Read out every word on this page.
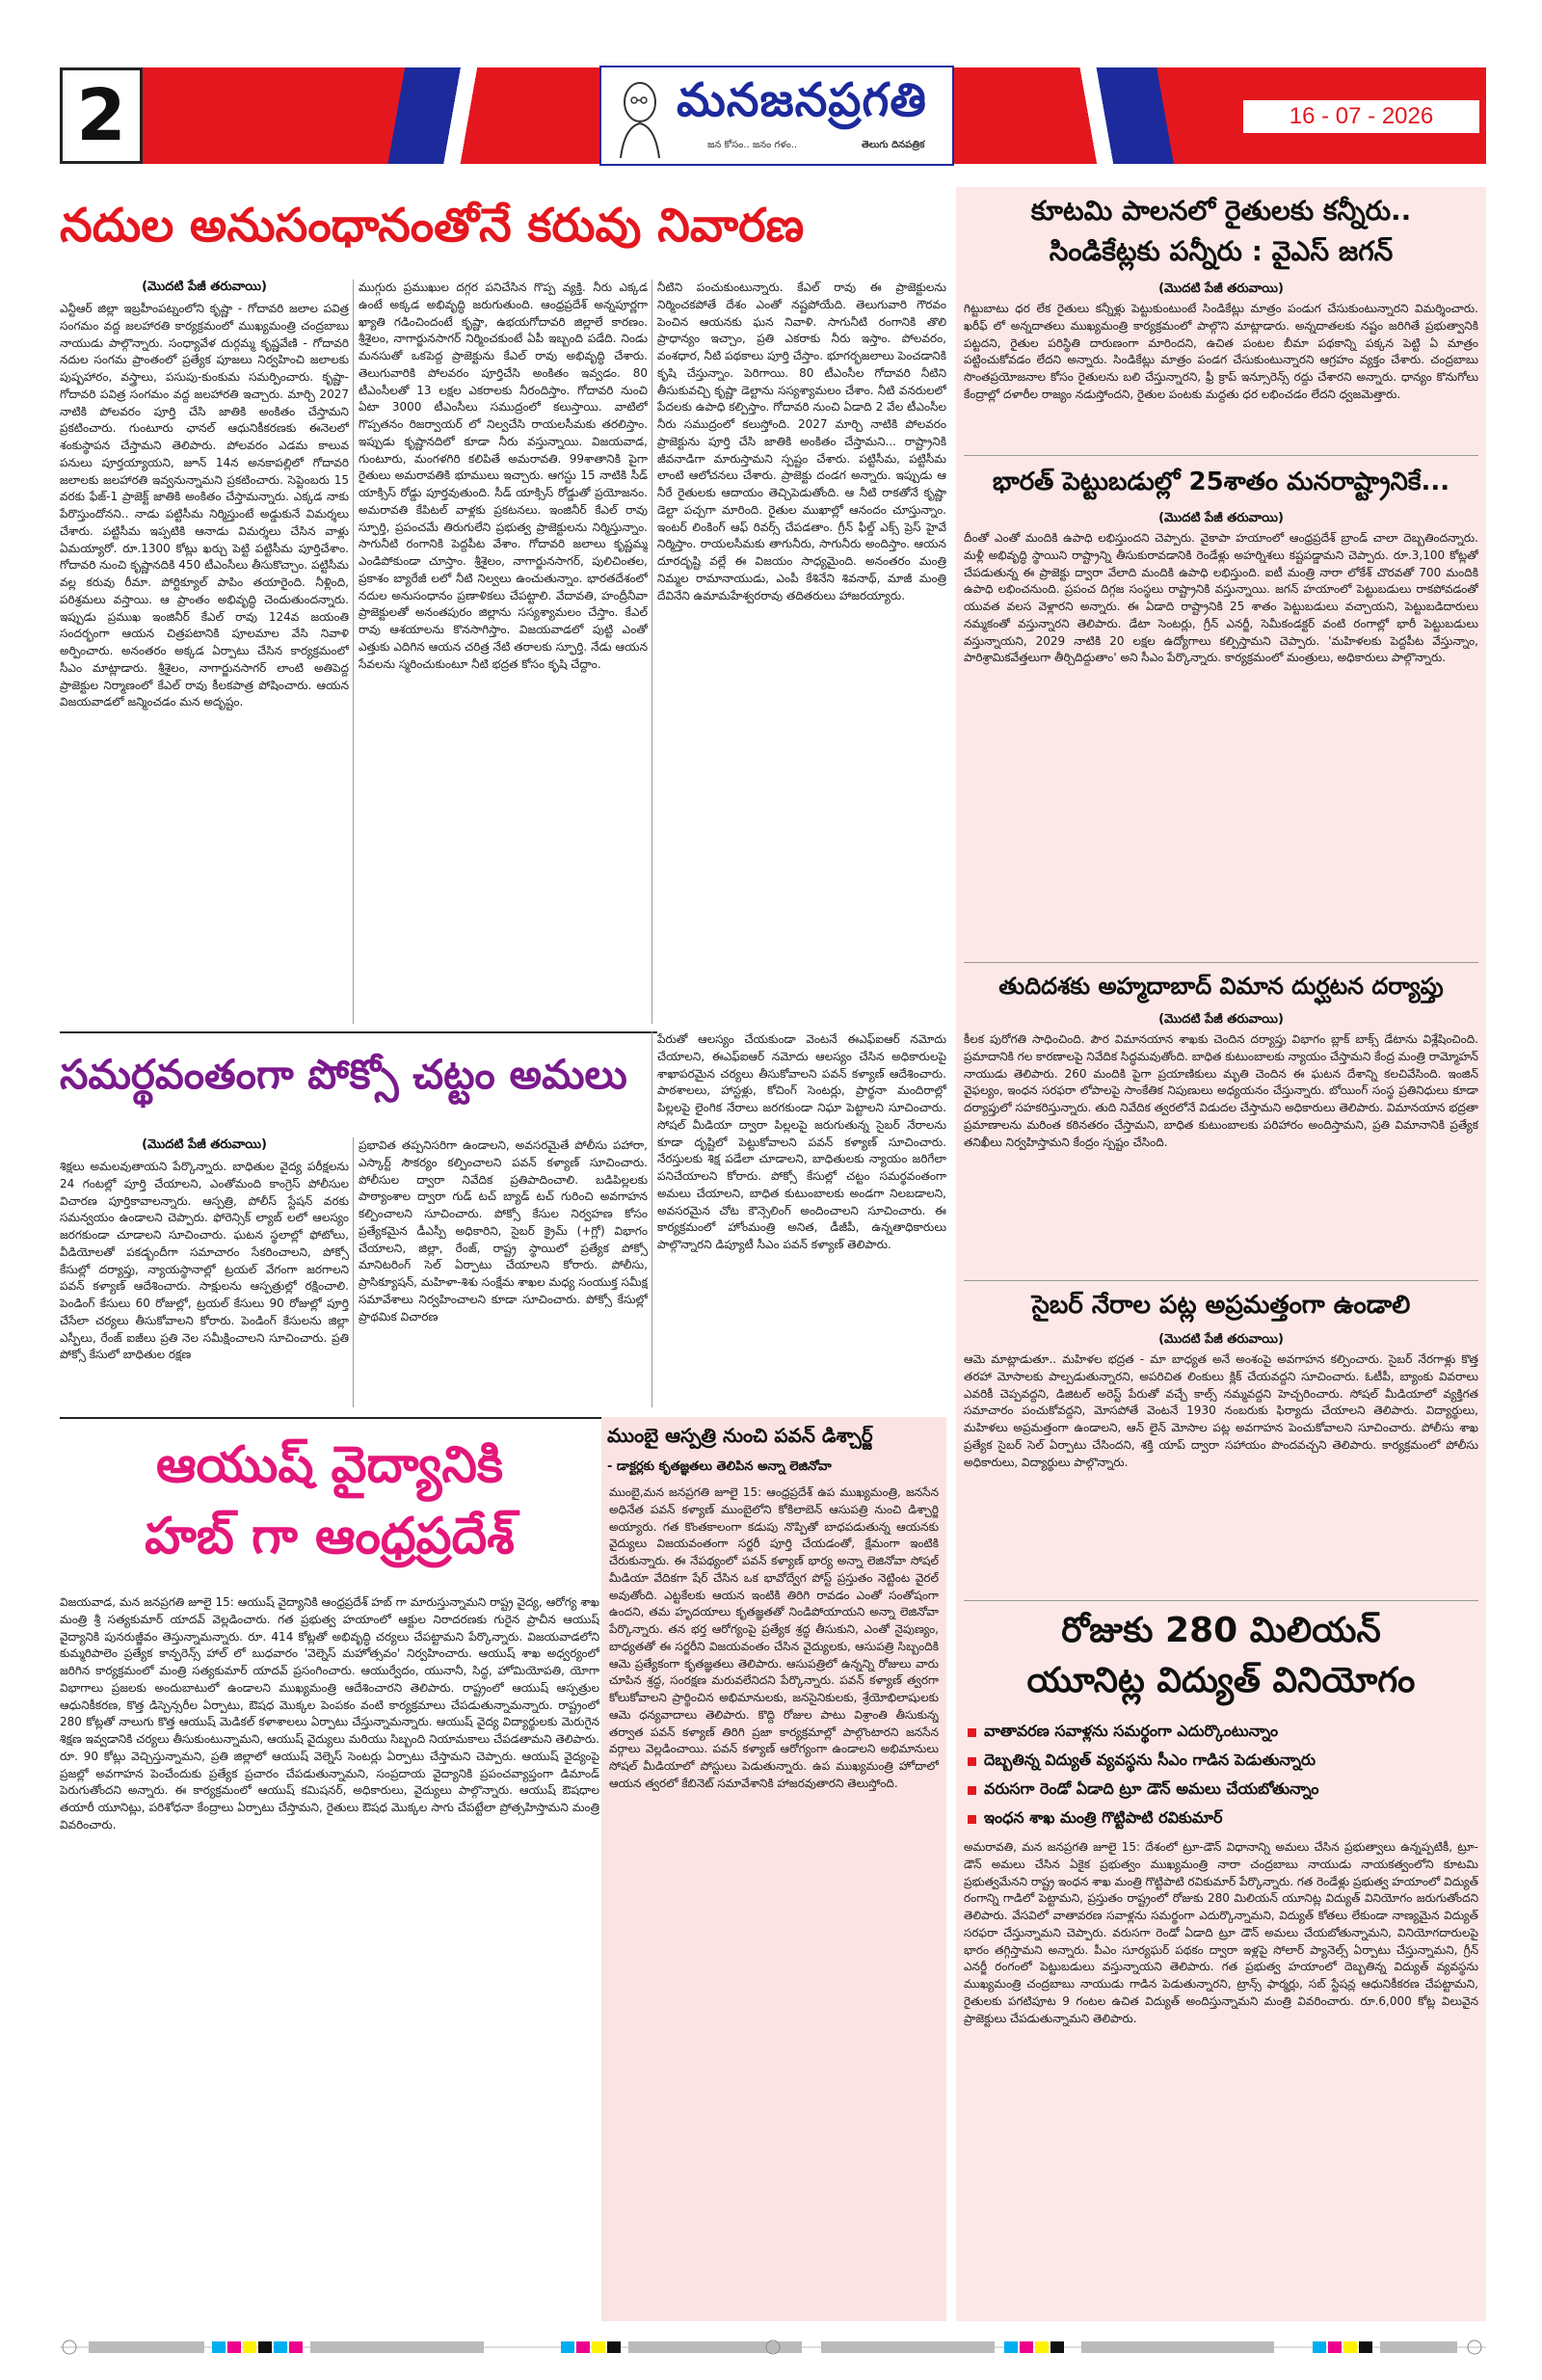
2	మనజనప్రగతి
జన కోసం.. జనం గళం..	తెలుగు దినపత్రిక
16 - 07 - 2026
నదుల అనుసంధానంతోనే కరువు నివారణ
(మొదటి పేజీ తరువాయి)

ఎన్టీఆర్ జిల్లా ఇబ్రహీంపట్నంలోని కృష్ణా - గోదావరి జలాల పవిత్ర సంగమం వద్ద జలహారతి కార్యక్రమంలో ముఖ్యమంత్రి చంద్రబాబు నాయుడు పాల్గొన్నారు. సంధ్యావేళ దుర్గమ్మ కృష్ణవేణి - గోదావరి నదుల సంగమ ప్రాంతంలో ప్రత్యేక పూజలు నిర్వహించి జలాలకు పుష్పహారం, వస్త్రాలు, పసుపు-కుంకుమ సమర్పించారు. కృష్ణా-గోదావరి పవిత్ర సంగమం వద్ద జలహారతి ఇచ్చారు. మార్చి 2027 నాటికి పోలవరం పూర్తి చేసి జాతికి అంకితం చేస్తామని ప్రకటించారు. గుంటూరు ఛానల్ ఆధునికీకరణకు ఈనెలలో శంకుస్థాపన చేస్తామని తెలిపారు. పోలవరం ఎడమ కాలువ పనులు పూర్తయ్యాయని, జూన్ 14న అనకాపల్లిలో గోదావరి జలాలకు జలహారతి ఇవ్వనున్నామని ప్రకటించారు. సెప్టెంబరు 15 వరకు ఫేజ్-1 ప్రాజెక్ట్ జాతికి అంకితం చేస్తామన్నారు. ఎక్కడ నాకు పేరొస్తుందోనని.. నాడు పట్టిసీమ నిర్మిస్తుంటే అడ్డుకునే విమర్శలు చేశారు. పట్టిసీమ ఇప్పటికి ఆనాడు విమర్శలు చేసిన వాళ్లు ఏమయ్యారో. రూ.1300 కోట్లు ఖర్చు పెట్టి పట్టిసీమ పూర్తిచేశాం. గోదావరి నుంచి కృష్ణానదికి 450 టీఎంసీలు తీసుకొచ్చాం. పట్టిసీమ వల్ల కరువు రీమా. పోర్టిక్యూల్ పాపిం తయారైంది. నీళ్లింది, పరిశ్రమలు వస్తాయి. ఆ ప్రాంతం అభివృద్ధి చెందుతుందన్నారు. ఇప్పుడు ప్రముఖ ఇంజినీర్ కేఎల్ రావు 124వ జయంతి సందర్భంగా ఆయన చిత్రపటానికి పూలమాల వేసి నివాళి అర్పించారు. అనంతరం అక్కడ ఏర్పాటు చేసిన కార్యక్రమంలో సీఎం మాట్లాడారు. శ్రీశైలం, నాగార్జునసాగర్ లాంటి అతిపెద్ద ప్రాజెక్టుల నిర్మాణంలో కేఎల్ రావు కీలకపాత్ర పోషించారు. ఆయన విజయవాడలో జన్మించడం మన అదృష్టం.

ముగ్గురు ప్రముఖుల దగ్గర పనిచేసిన గొప్ప వ్యక్తి. నీరు ఎక్కడ ఉంటే అక్కడ అభివృద్ధి జరుగుతుంది. ఆంధ్రప్రదేశ్ అన్నపూర్ణగా ఖ్యాతి గడించిందంటే కృష్ణా, ఉభయగోదావరి జిల్లాలే కారణం. శ్రీశైలం, నాగార్జునసాగర్ నిర్మించకుంటే ఏపీ ఇబ్బంది పడేది. నిండు మనసుతో ఒకపెద్ద ప్రాజెక్టును కేఎల్ రావు అభివృద్ధి చేశారు. తెలుగువారికి పోలవరం పూర్తిచేసి అంకితం ఇవ్వడం. 80 టీఎంసీలతో 13 లక్షల ఎకరాలకు నీరందిస్తాం. గోదావరి నుంచి ఏటా 3000 టీఎంసీలు సముద్రంలో కలుస్తాయి. వాటిలో గొప్పతనం రిజర్వాయర్ లో నిల్వచేసి రాయలసీమకు తరలిస్తాం. ఇప్పుడు కృష్ణానదిలో కూడా నీరు వస్తున్నాయి. విజయవాడ, గుంటూరు, మంగళగిరి కలిపితే అమరావతి. 99శాతానికి పైగా రైతులు అమరావతికి భూములు ఇచ్చారు. ఆగస్టు 15 నాటికి సీడ్ యాక్సిస్ రోడ్డు పూర్తవుతుంది. సీడ్ యాక్సిస్ రోడ్డుతో ప్రయోజనం. అమరావతి కేపిటల్ వాళ్లకు ప్రకటనలు. ఇంజినీర్ కేఎల్ రావు స్ఫూర్తి, ప్రపంచమే తిరుగులేని ప్రభుత్వ ప్రాజెక్టులను నిర్మిస్తున్నాం. సాగునీటి రంగానికి పెద్దపీట వేశాం. గోదావరి జలాలు కృష్ణమ్మ ఎండిపోకుండా చూస్తాం. శ్రీశైలం, నాగార్జునసాగర్, పులిచింతల, ప్రకాశం బ్యారేజీ లలో నీటి నిల్వలు ఉంచుతున్నాం. భారతదేశంలో నదుల అనుసంధానం ప్రణాళికలు చేపట్టాలి. వేదావతి, హంద్రీనీవా ప్రాజెక్టులతో అనంతపురం జిల్లాను సస్యశ్యామలం చేస్తాం. కేఎల్ రావు ఆశయాలను కొనసాగిస్తాం. విజయవాడలో పుట్టి ఎంతో ఎత్తుకు ఎదిగిన ఆయన చరిత్ర నేటి తరాలకు స్ఫూర్తి. నేడు ఆయన సేవలను స్మరించుకుంటూ నీటి భద్రత కోసం కృషి చేద్దాం.

నీటిని పంచుకుంటున్నారు. కేఎల్ రావు ఈ ప్రాజెక్టులను నిర్మించకపోతే దేశం ఎంతో నష్టపోయేది. తెలుగువారి గౌరవం పెంచిన ఆయనకు ఘన నివాళి. సాగునీటి రంగానికి తొలి ప్రాధాన్యం ఇచ్చాం, ప్రతి ఎకరాకు నీరు ఇస్తాం. పోలవరం, వంశధార, నీటి పథకాలు పూర్తి చేస్తాం. భూగర్భజలాలు పెంచడానికి కృషి చేస్తున్నాం. పెరిగాయి. 80 టీఎంసీల గోదావరి నీటిని తీసుకువచ్చి కృష్ణా డెల్టాను సస్యశ్యామలం చేశాం. నీటి వనరులలో పేదలకు ఉపాధి కల్పిస్తాం. గోదావరి నుంచి ఏడాది 2 వేల టీఎంసీల నీరు సముద్రంలో కలుస్తోంది. 2027 మార్చి నాటికి పోలవరం ప్రాజెక్టును పూర్తి చేసి జాతికి అంకితం చేస్తామని... రాష్ట్రానికి జీవనాడిగా మారుస్తామని స్పష్టం చేశారు. పట్టిసీమ, పట్టిసీమ లాంటి ఆలోచనలు చేశారు. ప్రాజెక్టు దండగ అన్నారు. ఇప్పుడు ఆ నీరే రైతులకు ఆదాయం తెచ్చిపెడుతోంది. ఆ నీటి రాకతోనే కృష్ణా డెల్టా పచ్చగా మారింది. రైతుల ముఖాల్లో ఆనందం చూస్తున్నాం. ఇంటర్ లింకింగ్ ఆఫ్ రివర్స్ చేపడతాం. గ్రీన్ ఫీల్డ్ ఎక్స్ ప్రెస్ హైవే నిర్మిస్తాం. రాయలసీమకు తాగునీరు, సాగునీరు అందిస్తాం. ఆయన దూరదృష్టి వల్లే ఈ విజయం సాధ్యమైంది. అనంతరం మంత్రి నిమ్మల రామానాయుడు, ఎంపీ కేశినేని శివనాథ్, మాజీ మంత్రి దేవినేని ఉమామహేశ్వరరావు తదితరులు హాజరయ్యారు.

సమర్థవంతంగా పోక్సో చట్టం అమలు
(మొదటి పేజీ తరువాయి)

శిక్షలు అమలవుతాయని పేర్కొన్నారు. బాధితుల వైద్య పరీక్షలను 24 గంటల్లో పూర్తి చేయాలని, ఎంతోమంది కాంగ్రెస్ పోలీసుల విచారణ పూర్తికావాలన్నారు. ఆస్పత్రి, పోలీస్ స్టేషన్ వరకు సమన్వయం ఉండాలని చెప్పారు. ఫోరెన్సిక్ ల్యాబ్ లలో ఆలస్యం జరగకుండా చూడాలని సూచించారు. ఘటన స్థలాల్లో ఫోటోలు, వీడియోలతో పకడ్బందీగా సమాచారం సేకరించాలని, పోక్సో కేసుల్లో దర్యాప్తు, న్యాయస్థానాల్లో ట్రయల్ వేగంగా జరగాలని పవన్ కళ్యాణ్ ఆదేశించారు. సాక్షులను ఆస్పత్రుల్లో రక్షించాలి. పెండింగ్ కేసులు 60 రోజుల్లో, ట్రయల్ కేసులు 90 రోజుల్లో పూర్తి చేసేలా చర్యలు తీసుకోవాలని కోరారు. పెండింగ్ కేసులను జిల్లా ఎస్పీలు, రేంజ్ ఐజీలు ప్రతి నెల సమీక్షించాలని సూచించారు. ప్రతి పోక్సో కేసులో బాధితుల రక్షణ

ప్రభావిత తప్పనిసరిగా ఉండాలని, అవసరమైతే పోలీసు పహారా, ఎస్కార్ట్ సౌకర్యం కల్పించాలని పవన్ కళ్యాణ్ సూచించారు. పోలీసుల ద్వారా నివేదిక ప్రతిపాదించాలి. బడిపిల్లలకు పాఠ్యాంశాల ద్వారా గుడ్ టచ్ బ్యాడ్ టచ్ గురించి అవగాహన కల్పించాలని సూచించారు. పోక్సో కేసుల నిర్వహణ కోసం ప్రత్యేకమైన డీఎస్పీ అధికారిని, సైబర్ క్రైమ్ (+గ్లో) విభాగం చేయాలని, జిల్లా, రేంజ్, రాష్ట్ర స్థాయిలో ప్రత్యేక పోక్సో మానిటరింగ్ సెల్ ఏర్పాటు చేయాలని కోరారు. పోలీసు, ప్రాసిక్యూషన్, మహిళా-శిశు సంక్షేమ శాఖల మధ్య సంయుక్త సమీక్ష సమావేశాలు నిర్వహించాలని కూడా సూచించారు. పోక్సో కేసుల్లో ప్రాథమిక విచారణ

పేరుతో ఆలస్యం చేయకుండా వెంటనే ఈఎఫ్ఐఆర్ నమోదు చేయాలని, ఈఎఫ్ఐఆర్ నమోదు ఆలస్యం చేసిన అధికారులపై శాఖాపరమైన చర్యలు తీసుకోవాలని పవన్ కళ్యాణ్ ఆదేశించారు. పాఠశాలలు, హాస్టళ్లు, కోచింగ్ సెంటర్లు, ప్రార్థనా మందిరాల్లో పిల్లలపై లైంగిక నేరాలు జరగకుండా నిఘా పెట్టాలని సూచించారు. సోషల్ మీడియా ద్వారా పిల్లలపై జరుగుతున్న సైబర్ నేరాలను కూడా దృష్టిలో పెట్టుకోవాలని పవన్ కళ్యాణ్ సూచించారు. నేరస్తులకు శిక్ష పడేలా చూడాలని, బాధితులకు న్యాయం జరిగేలా పనిచేయాలని కోరారు. పోక్సో కేసుల్లో చట్టం సమర్థవంతంగా అమలు చేయాలని, బాధిత కుటుంబాలకు అండగా నిలబడాలని, అవసరమైన చోట కౌన్సెలింగ్ అందించాలని సూచించారు. ఈ కార్యక్రమంలో హోంమంత్రి అనిత, డీజీపీ, ఉన్నతాధికారులు పాల్గొన్నారని డిప్యూటీ సీఎం పవన్ కళ్యాణ్ తెలిపారు.

ఆయుష్ వైద్యానికి
హబ్ గా ఆంధ్రప్రదేశ్

విజయవాడ, మన జనప్రగతి జూలై 15: ఆయుష్ వైద్యానికి ఆంధ్రప్రదేశ్ హబ్ గా మారుస్తున్నామని రాష్ట్ర వైద్య, ఆరోగ్య శాఖ మంత్రి శ్రీ సత్యకుమార్ యాదవ్ వెల్లడించారు. గత ప్రభుత్వ హయాంలో ఆక్టుల నిరాదరణకు గురైన ప్రాచీన ఆయుష్ వైద్యానికి పునరుజ్జీవం తెస్తున్నామన్నారు. రూ. 414 కోట్లతో అభివృద్ధి చర్యలు చేపట్టామని పేర్కొన్నారు. విజయవాడలోని కుమ్మరిపాలెం ప్రత్యేక కాన్ఫరెన్స్ హాల్ లో బుధవారం 'వెల్నెస్ మహోత్సవం' నిర్వహించారు. ఆయుష్ శాఖ అధ్వర్యంలో జరిగిన కార్యక్రమంలో మంత్రి సత్యకుమార్ యాదవ్ ప్రసంగించారు. ఆయుర్వేదం, యునానీ, సిద్ధ, హోమియోపతి, యోగా విభాగాలు ప్రజలకు అందుబాటులో ఉండాలని ముఖ్యమంత్రి ఆదేశించారని తెలిపారు. రాష్ట్రంలో ఆయుష్ ఆస్పత్రుల ఆధునికీకరణ, కొత్త డిస్పెన్సరీల ఏర్పాటు, ఔషధ మొక్కల పెంపకం వంటి కార్యక్రమాలు చేపడుతున్నామన్నారు. రాష్ట్రంలో 280 కోట్లతో నాలుగు కొత్త ఆయుష్ మెడికల్ కళాశాలలు ఏర్పాటు చేస్తున్నామన్నారు. ఆయుష్ వైద్య విద్యార్థులకు మెరుగైన శిక్షణ ఇవ్వడానికి చర్యలు తీసుకుంటున్నామని, ఆయుష్ వైద్యులు మరియు సిబ్బంది నియామకాలు చేపడతామని తెలిపారు. రూ. 90 కోట్లు వెచ్చిస్తున్నామని, ప్రతి జిల్లాలో ఆయుష్ వెల్నెస్ సెంటర్లు ఏర్పాటు చేస్తామని చెప్పారు. ఆయుష్ వైద్యంపై ప్రజల్లో అవగాహన పెంచేందుకు ప్రత్యేక ప్రచారం చేపడుతున్నామని, సంప్రదాయ వైద్యానికి ప్రపంచవ్యాప్తంగా డిమాండ్ పెరుగుతోందని అన్నారు. ఈ కార్యక్రమంలో ఆయుష్ కమిషనర్, అధికారులు, వైద్యులు పాల్గొన్నారు. ఆయుష్ ఔషధాల తయారీ యూనిట్లు, పరిశోధనా కేంద్రాలు ఏర్పాటు చేస్తామని, రైతులు ఔషధ మొక్కల సాగు చేపట్టేలా ప్రోత్సహిస్తామని మంత్రి వివరించారు.

ముంబై ఆస్పత్రి నుంచి పవన్ డిశ్చార్జ్
- డాక్టర్లకు కృతజ్ఞతలు తెలిపిన అన్నా లెజినోవా

ముంబై,మన జనప్రగతి జూలై 15: ఆంధ్రప్రదేశ్ ఉప ముఖ్యమంత్రి, జనసేన అధినేత పవన్ కళ్యాణ్ ముంబైలోని కోకిలాబెన్ ఆసుపత్రి నుంచి డిశ్చార్జి అయ్యారు. గత కొంతకాలంగా కడుపు నొప్పితో బాధపడుతున్న ఆయనకు వైద్యులు విజయవంతంగా సర్జరీ పూర్తి చేయడంతో, క్షేమంగా ఇంటికి చేరుకున్నారు. ఈ నేపథ్యంలో పవన్ కళ్యాణ్ భార్య అన్నా లెజినోవా సోషల్ మీడియా వేదికగా షేర్ చేసిన ఒక భావోద్వేగ పోస్ట్ ప్రస్తుతం నెట్టింట వైరల్ అవుతోంది. ఎట్టకేలకు ఆయన ఇంటికి తిరిగి రావడం ఎంతో సంతోషంగా ఉందని, తమ హృదయాలు కృతజ్ఞతతో నిండిపోయాయని అన్నా లెజినోవా పేర్కొన్నారు. తన భర్త ఆరోగ్యంపై ప్రత్యేక శ్రద్ధ తీసుకుని, ఎంతో నైపుణ్యం, బాధ్యతతో ఈ సర్జరీని విజయవంతం చేసిన వైద్యులకు, ఆసుపత్రి సిబ్బందికి ఆమె ప్రత్యేకంగా కృతజ్ఞతలు తెలిపారు. ఆసుపత్రిలో ఉన్నన్ని రోజులు వారు చూపిన శ్రద్ధ, సంరక్షణ మరువలేనిదని పేర్కొన్నారు. పవన్ కళ్యాణ్ త్వరగా కోలుకోవాలని ప్రార్థించిన అభిమానులకు, జనసైనికులకు, శ్రేయోభిలాషులకు ఆమె ధన్యవాదాలు తెలిపారు. కొద్ది రోజుల పాటు విశ్రాంతి తీసుకున్న తర్వాత పవన్ కళ్యాణ్ తిరిగి ప్రజా కార్యక్రమాల్లో పాల్గొంటారని జనసేన వర్గాలు వెల్లడించాయి. పవన్ కళ్యాణ్ ఆరోగ్యంగా ఉండాలని అభిమానులు సోషల్ మీడియాలో పోస్టులు పెడుతున్నారు. ఉప ముఖ్యమంత్రి హోదాలో ఆయన త్వరలో కేబినెట్ సమావేశానికి హాజరవుతారని తెలుస్తోంది.

కూటమి పాలనలో రైతులకు కన్నీరు..
సిండికేట్లకు పన్నీరు : వైఎస్ జగన్
(మొదటి పేజీ తరువాయి)

గిట్టుబాటు ధర లేక రైతులు కన్నీళ్లు పెట్టుకుంటుంటే సిండికేట్లు మాత్రం పండుగ చేసుకుంటున్నారని విమర్శించారు. ఖరీఫ్ లో అన్నదాతలు ముఖ్యమంత్రి కార్యక్రమంలో పాల్గొని మాట్లాడారు. అన్నదాతలకు నష్టం జరిగితే ప్రభుత్వానికి పట్టదని, రైతుల పరిస్థితి దారుణంగా మారిందని, ఉచిత పంటల బీమా పథకాన్ని పక్కన పెట్టి ఏ మాత్రం పట్టించుకోవడం లేదని అన్నారు. సిండికేట్లు మాత్రం పండగ చేసుకుంటున్నారని ఆగ్రహం వ్యక్తం చేశారు. చంద్రబాబు సొంతప్రయోజనాల కోసం రైతులను బలి చేస్తున్నారని, ఫ్రీ క్రాప్ ఇన్సూరెన్స్ రద్దు చేశారని అన్నారు. ధాన్యం కొనుగోలు కేంద్రాల్లో దళారీల రాజ్యం నడుస్తోందని, రైతుల పంటకు మద్దతు ధర లభించడం లేదని ధ్వజమెత్తారు.

భారత్ పెట్టుబడుల్లో 25శాతం మనరాష్ట్రానికే...
(మొదటి పేజీ తరువాయి)

దీంతో ఎంతో మందికి ఉపాధి లభిస్తుందని చెప్పారు. వైకాపా హయాంలో ఆంధ్రప్రదేశ్ బ్రాండ్ చాలా దెబ్బతిందన్నారు. మళ్లీ అభివృద్ధి స్థాయిని రాష్ట్రాన్ని తీసుకురావడానికి రెండేళ్లు అహర్నిశలు కష్టపడ్డామని చెప్పారు. రూ.3,100 కోట్లతో చేపడుతున్న ఈ ప్రాజెక్టు ద్వారా వేలాది మందికి ఉపాధి లభిస్తుంది. ఐటీ మంత్రి నారా లోకేశ్ చొరవతో 700 మందికి ఉపాధి లభించనుంది. ప్రపంచ దిగ్గజ సంస్థలు రాష్ట్రానికి వస్తున్నాయి. జగన్ హయాంలో పెట్టుబడులు రాకపోవడంతో యువత వలస వెళ్లారని అన్నారు. ఈ ఏడాది రాష్ట్రానికి 25 శాతం పెట్టుబడులు వచ్చాయని, పెట్టుబడిదారులు నమ్మకంతో వస్తున్నారని తెలిపారు. డేటా సెంటర్లు, గ్రీన్ ఎనర్జీ, సెమీకండక్టర్ వంటి రంగాల్లో భారీ పెట్టుబడులు వస్తున్నాయని, 2029 నాటికి 20 లక్షల ఉద్యోగాలు కల్పిస్తామని చెప్పారు. 'మహిళలకు పెద్దపీట వేస్తున్నాం, పారిశ్రామికవేత్తలుగా తీర్చిదిద్దుతాం' అని సీఎం పేర్కొన్నారు. కార్యక్రమంలో మంత్రులు, అధికారులు పాల్గొన్నారు.

తుదిదశకు అహ్మదాబాద్ విమాన దుర్ఘటన దర్యాప్తు
(మొదటి పేజీ తరువాయి)

కీలక పురోగతి సాధించింది. పౌర విమానయాన శాఖకు చెందిన దర్యాప్తు విభాగం బ్లాక్ బాక్స్ డేటాను విశ్లేషించింది. ప్రమాదానికి గల కారణాలపై నివేదిక సిద్ధమవుతోంది. బాధిత కుటుంబాలకు న్యాయం చేస్తామని కేంద్ర మంత్రి రామ్మోహన్ నాయుడు తెలిపారు. 260 మందికి పైగా ప్రయాణికులు మృతి చెందిన ఈ ఘటన దేశాన్ని కలచివేసింది. ఇంజిన్ వైఫల్యం, ఇంధన సరఫరా లోపాలపై సాంకేతిక నిపుణులు అధ్యయనం చేస్తున్నారు. బోయింగ్ సంస్థ ప్రతినిధులు కూడా దర్యాప్తులో సహకరిస్తున్నారు. తుది నివేదిక త్వరలోనే విడుదల చేస్తామని అధికారులు తెలిపారు. విమానయాన భద్రతా ప్రమాణాలను మరింత కఠినతరం చేస్తామని, బాధిత కుటుంబాలకు పరిహారం అందిస్తామని, ప్రతి విమానానికి ప్రత్యేక తనిఖీలు నిర్వహిస్తామని కేంద్రం స్పష్టం చేసింది.

సైబర్ నేరాల పట్ల అప్రమత్తంగా ఉండాలి
(మొదటి పేజీ తరువాయి)

ఆమె మాట్లాడుతూ.. మహిళల భద్రత - మా బాధ్యత అనే అంశంపై అవగాహన కల్పించారు. సైబర్ నేరగాళ్లు కొత్త తరహా మోసాలకు పాల్పడుతున్నారని, అపరిచిత లింకులు క్లిక్ చేయవద్దని సూచించారు. ఓటీపీ, బ్యాంకు వివరాలు ఎవరికీ చెప్పవద్దని, డిజిటల్ అరెస్ట్ పేరుతో వచ్చే కాల్స్ నమ్మవద్దని హెచ్చరించారు. సోషల్ మీడియాలో వ్యక్తిగత సమాచారం పంచుకోవద్దని, మోసపోతే వెంటనే 1930 నంబరుకు ఫిర్యాదు చేయాలని తెలిపారు. విద్యార్థులు, మహిళలు అప్రమత్తంగా ఉండాలని, ఆన్ లైన్ మోసాల పట్ల అవగాహన పెంచుకోవాలని సూచించారు. పోలీసు శాఖ ప్రత్యేక సైబర్ సెల్ ఏర్పాటు చేసిందని, శక్తి యాప్ ద్వారా సహాయం పొందవచ్చని తెలిపారు. కార్యక్రమంలో పోలీసు అధికారులు, విద్యార్థులు పాల్గొన్నారు.

రోజుకు 280 మిలియన్
యూనిట్ల విద్యుత్ వినియోగం
వాతావరణ సవాళ్లను సమర్థంగా ఎదుర్కొంటున్నాం
దెబ్బతిన్న విద్యుత్ వ్యవస్థను సీఎం గాడిన పెడుతున్నారు
వరుసగా రెండో ఏడాది ట్రూ డౌన్ అమలు చేయబోతున్నాం
ఇంధన శాఖ మంత్రి గొట్టిపాటి రవికుమార్

అమరావతి, మన జనప్రగతి జూలై 15: దేశంలో ట్రూ-డౌన్ విధానాన్ని అమలు చేసిన ప్రభుత్వాలు ఉన్నప్పటికీ, ట్రూ-డౌన్ అమలు చేసిన ఏకైక ప్రభుత్వం ముఖ్యమంత్రి నారా చంద్రబాబు నాయుడు నాయకత్వంలోని కూటమి ప్రభుత్వమేనని రాష్ట్ర ఇంధన శాఖ మంత్రి గొట్టిపాటి రవికుమార్ పేర్కొన్నారు. గత రెండేళ్లు ప్రభుత్వ హయాంలో విద్యుత్ రంగాన్ని గాడిలో పెట్టామని, ప్రస్తుతం రాష్ట్రంలో రోజుకు 280 మిలియన్ యూనిట్ల విద్యుత్ వినియోగం జరుగుతోందని తెలిపారు. వేసవిలో వాతావరణ సవాళ్లను సమర్థంగా ఎదుర్కొన్నామని, విద్యుత్ కోతలు లేకుండా నాణ్యమైన విద్యుత్ సరఫరా చేస్తున్నామని చెప్పారు. వరుసగా రెండో ఏడాది ట్రూ డౌన్ అమలు చేయబోతున్నామని, వినియోగదారులపై భారం తగ్గిస్తామని అన్నారు. పీఎం సూర్యఘర్ పథకం ద్వారా ఇళ్లపై సోలార్ ప్యానెల్స్ ఏర్పాటు చేస్తున్నామని, గ్రీన్ ఎనర్జీ రంగంలో పెట్టుబడులు వస్తున్నాయని తెలిపారు. గత ప్రభుత్వ హయాంలో దెబ్బతిన్న విద్యుత్ వ్యవస్థను ముఖ్యమంత్రి చంద్రబాబు నాయుడు గాడిన పెడుతున్నారని, ట్రాన్స్ ఫార్మర్లు, సబ్ స్టేషన్ల ఆధునికీకరణ చేపట్టామని, రైతులకు పగటిపూట 9 గంటల ఉచిత విద్యుత్ అందిస్తున్నామని మంత్రి వివరించారు. రూ.6,000 కోట్ల విలువైన ప్రాజెక్టులు చేపడుతున్నామని తెలిపారు.
